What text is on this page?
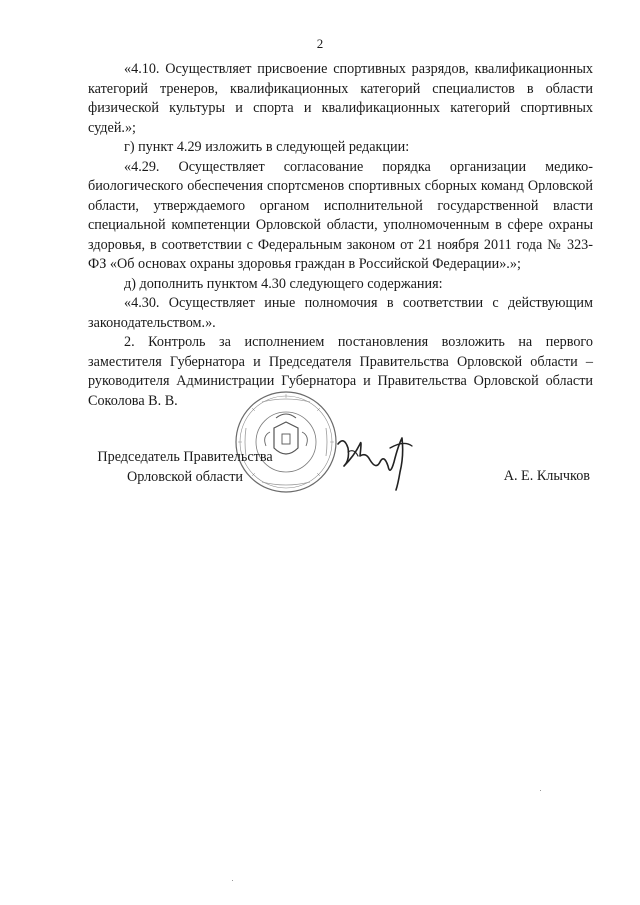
2

«4.10. Осуществляет присвоение спортивных разрядов, квалификационных категорий тренеров, квалификационных категорий специалистов в области физической культуры и спорта и квалификационных категорий спортивных судей.»;

г) пункт 4.29 изложить в следующей редакции:

«4.29. Осуществляет согласование порядка организации медико-биологического обеспечения спортсменов спортивных сборных команд Орловской области, утверждаемого органом исполнительной государственной власти специальной компетенции Орловской области, уполномоченным в сфере охраны здоровья, в соответствии с Федеральным законом от 21 ноября 2011 года № 323-ФЗ «Об основах охраны здоровья граждан в Российской Федерации».»;

д) дополнить пунктом 4.30 следующего содержания:

«4.30. Осуществляет иные полномочия в соответствии с действующим законодательством.».

2. Контроль за исполнением постановления возложить на первого заместителя Губернатора и Председателя Правительства Орловской области – руководителя Администрации Губернатора и Правительства Орловской области Соколова В. В.

Председатель Правительства
Орловской области	А. Е. Клычков
